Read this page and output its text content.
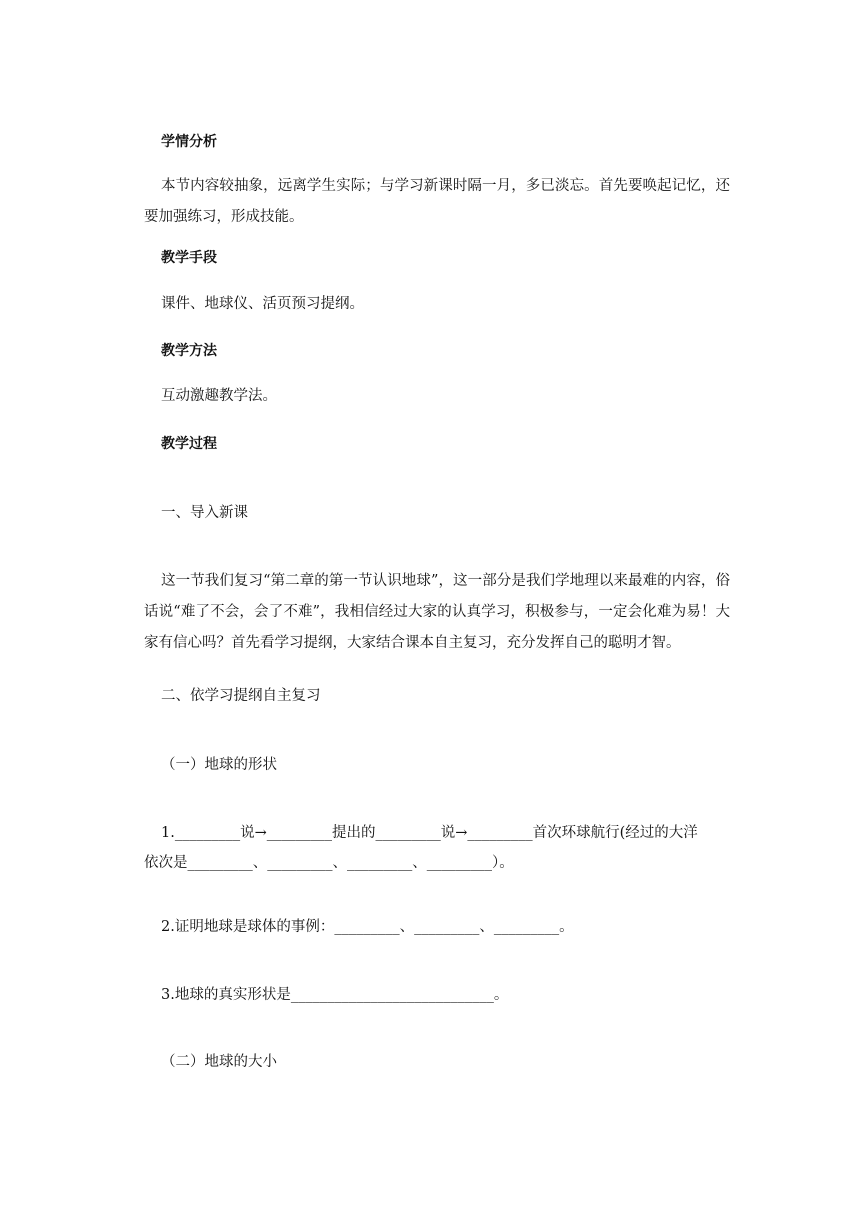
学情分析
本节内容较抽象，远离学生实际；与学习新课时隔一月，多已淡忘。首先要唤起记忆，还要加强练习，形成技能。
教学手段
课件、地球仪、活页预习提纲。
教学方法
互动激趣教学法。
教学过程
一、导入新课
这一节我们复习“第二章的第一节认识地球”，这一部分是我们学地理以来最难的内容，俗话说“难了不会，会了不难”，我相信经过大家的认真学习，积极参与，一定会化难为易！大家有信心吗？首先看学习提纲，大家结合课本自主复习，充分发挥自己的聪明才智。
二、依学习提纲自主复习
（一）地球的形状
1._________说→_________提出的_________说→_________首次环球航行(经过的大洋
依次是_________、_________、_________、_________）。
2.证明地球是球体的事例：_________、_________、_________。
3.地球的真实形状是____________________________。
（二）地球的大小
